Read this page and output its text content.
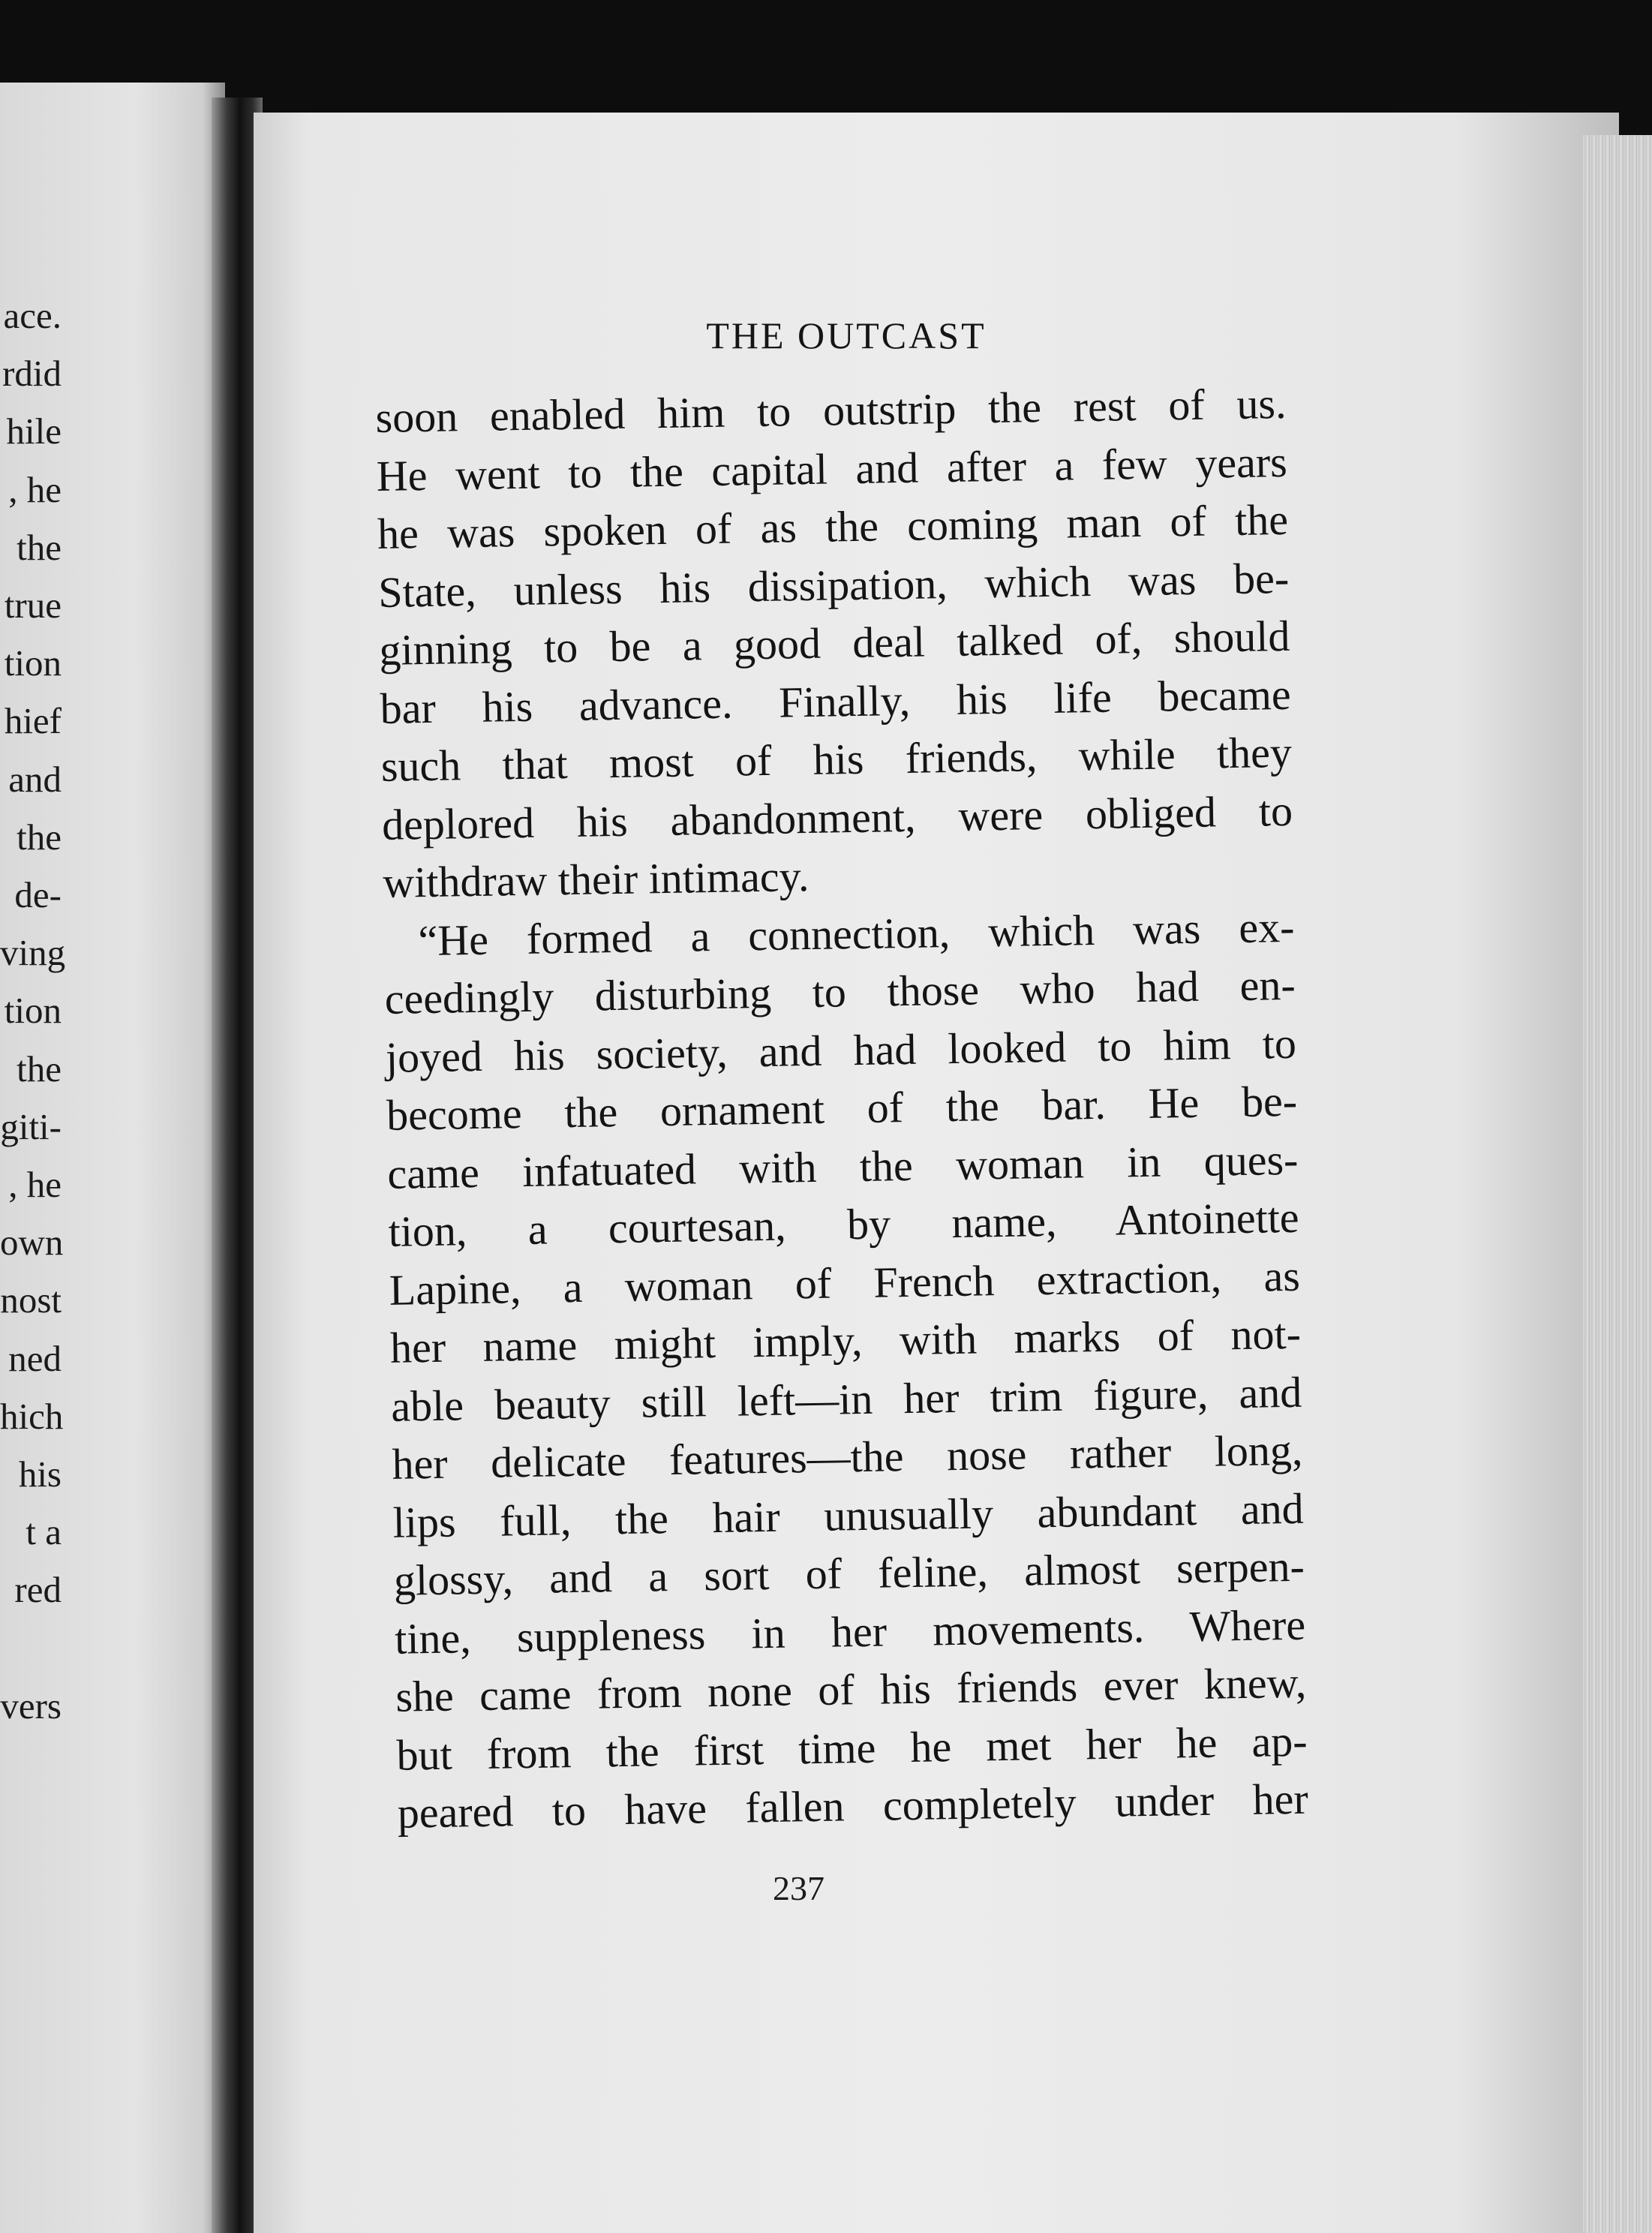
ace.
rdid
hile
, he
the
true
tion
hief
and
the
de-
ving
tion
the
giti-
, he
own
nost
ned
hich
his
t a
red
vers
THE OUTCAST
soon enabled him to outstrip the rest of us.
He went to the capital and after a few years
he was spoken of as the coming man of the
State, unless his dissipation, which was be-
ginning to be a good deal talked of, should
bar his advance. Finally, his life became
such that most of his friends, while they
deplored his abandonment, were obliged to
withdraw their intimacy.
“He formed a connection, which was ex-
ceedingly disturbing to those who had en-
joyed his society, and had looked to him to
become the ornament of the bar. He be-
came infatuated with the woman in ques-
tion, a courtesan, by name, Antoinette
Lapine, a woman of French extraction, as
her name might imply, with marks of not-
able beauty still left—in her trim figure, and
her delicate features—the nose rather long,
lips full, the hair unusually abundant and
glossy, and a sort of feline, almost serpen-
tine, suppleness in her movements. Where
she came from none of his friends ever knew,
but from the first time he met her he ap-
peared to have fallen completely under her
237
